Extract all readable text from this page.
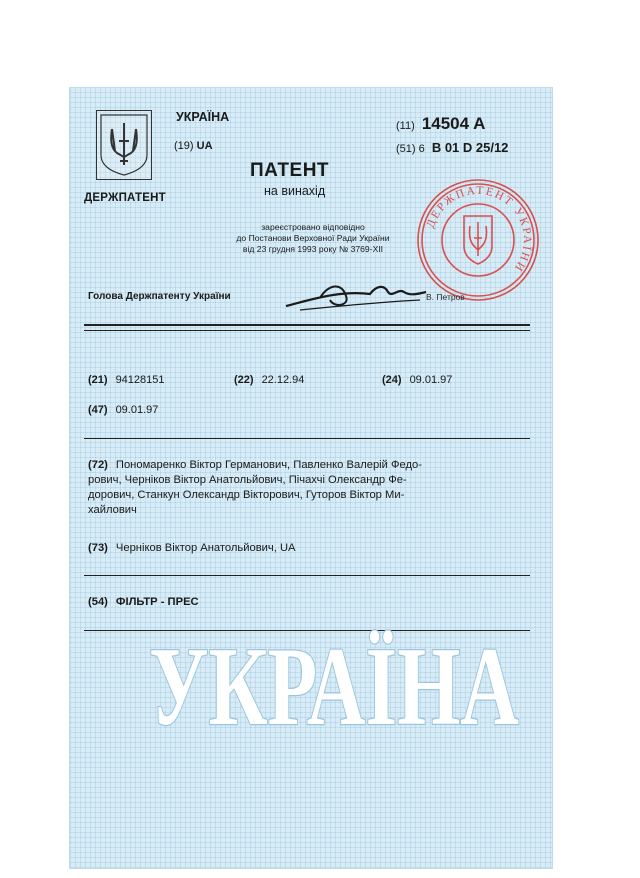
ДЕРЖПАТЕНТ
УКРАЇНА
(19) UA
ПАТЕНТ
на винахід
зареєстровано відповідно
до Постанови Верховної Ради України
від 23 грудня 1993 року № 3769-XII
(11) 14504 A
(51) 6 B 01 D 25/12
ДЕРЖПАТЕНТ УКРАЇНИ
Голова Держпатенту України	В. Петров
(21) 94128151	(22) 22.12.94	(24) 09.01.97
(47) 09.01.97
(72) Пономаренко Віктор Германович, Павленко Валерій Федо-
рович, Черніков Віктор Анатольйович, Пічахчі Олександр Фе-
дорович, Станкун Олександр Вікторович, Гуторов Віктор Ми-
хайлович
(73) Черніков Віктор Анатольйович, UA
(54) ФІЛЬТР - ПРЕС
УКРАЇНА
